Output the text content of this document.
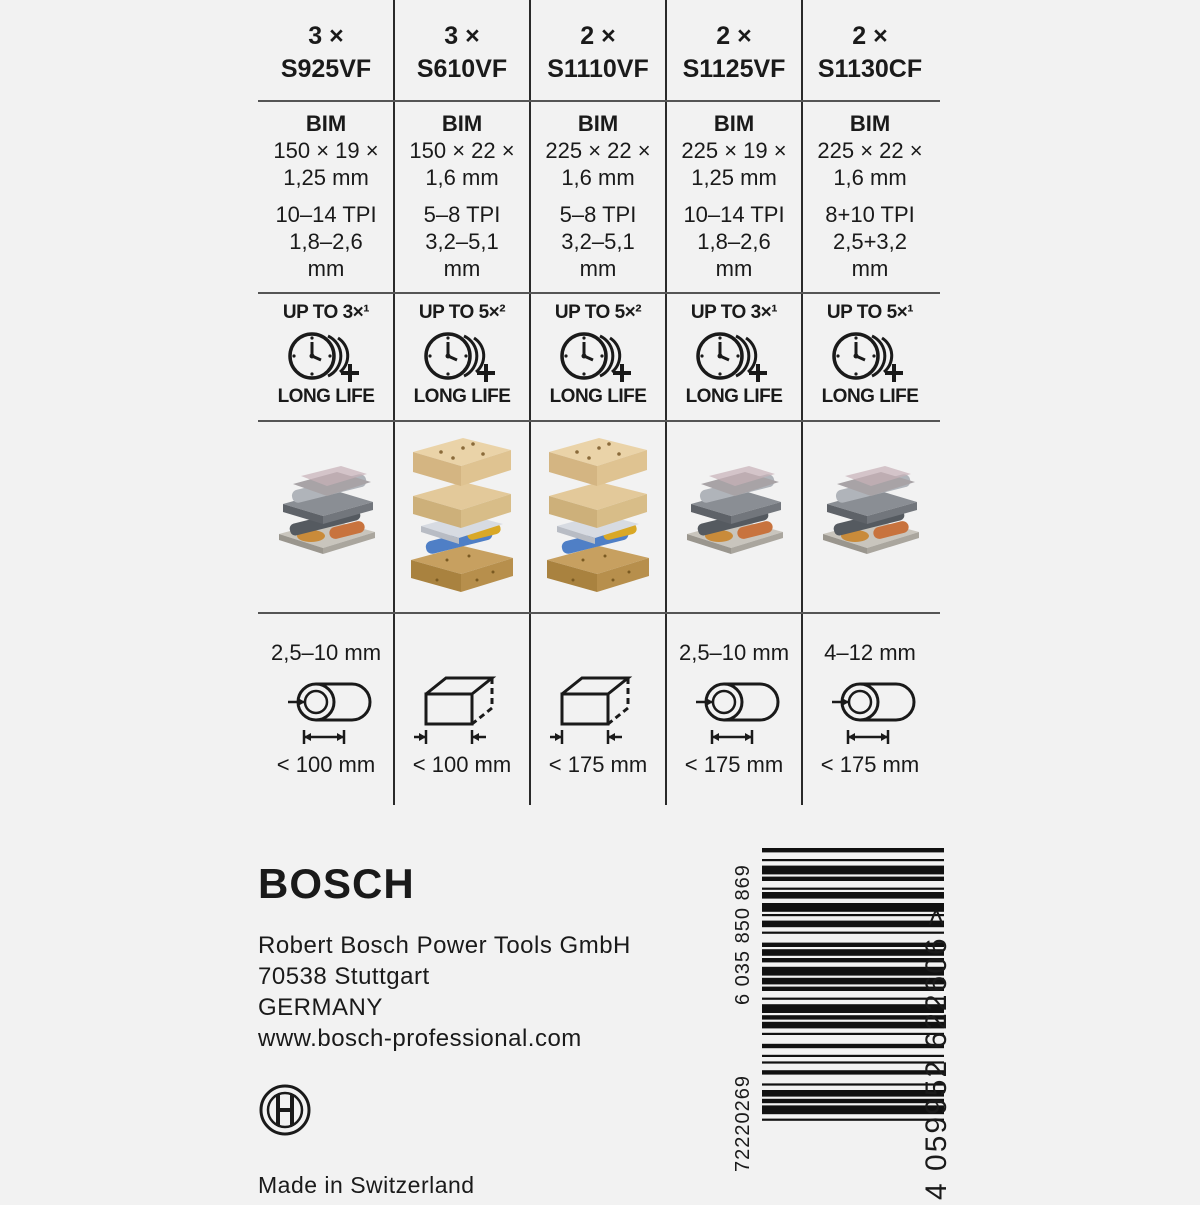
3 ×
S925VF
BIM
150 × 19 ×
1,25 mm
10–14 TPI
1,8–2,6
mm
UP TO 3×¹
LONG LIFE
2,5–10 mm
< 100 mm
3 ×
S610VF
BIM
150 × 22 ×
1,6 mm
5–8 TPI
3,2–5,1
mm
UP TO 5×²
LONG LIFE
< 100 mm
2 ×
S1110VF
BIM
225 × 22 ×
1,6 mm
5–8 TPI
3,2–5,1
mm
UP TO 5×²
LONG LIFE
< 175 mm
2 ×
S1125VF
BIM
225 × 19 ×
1,25 mm
10–14 TPI
1,8–2,6
mm
UP TO 3×¹
LONG LIFE
2,5–10 mm
< 175 mm
2 ×
S1130CF
BIM
225 × 22 ×
1,6 mm
8+10 TPI
2,5+3,2
mm
UP TO 5×¹
LONG LIFE
4–12 mm
< 175 mm
BOSCH
Robert Bosch Power Tools GmbH
70538 Stuttgart
GERMANY
www.bosch-professional.com
Made in Switzerland
6 035 850 869
72220269	4 059952 622606 >
